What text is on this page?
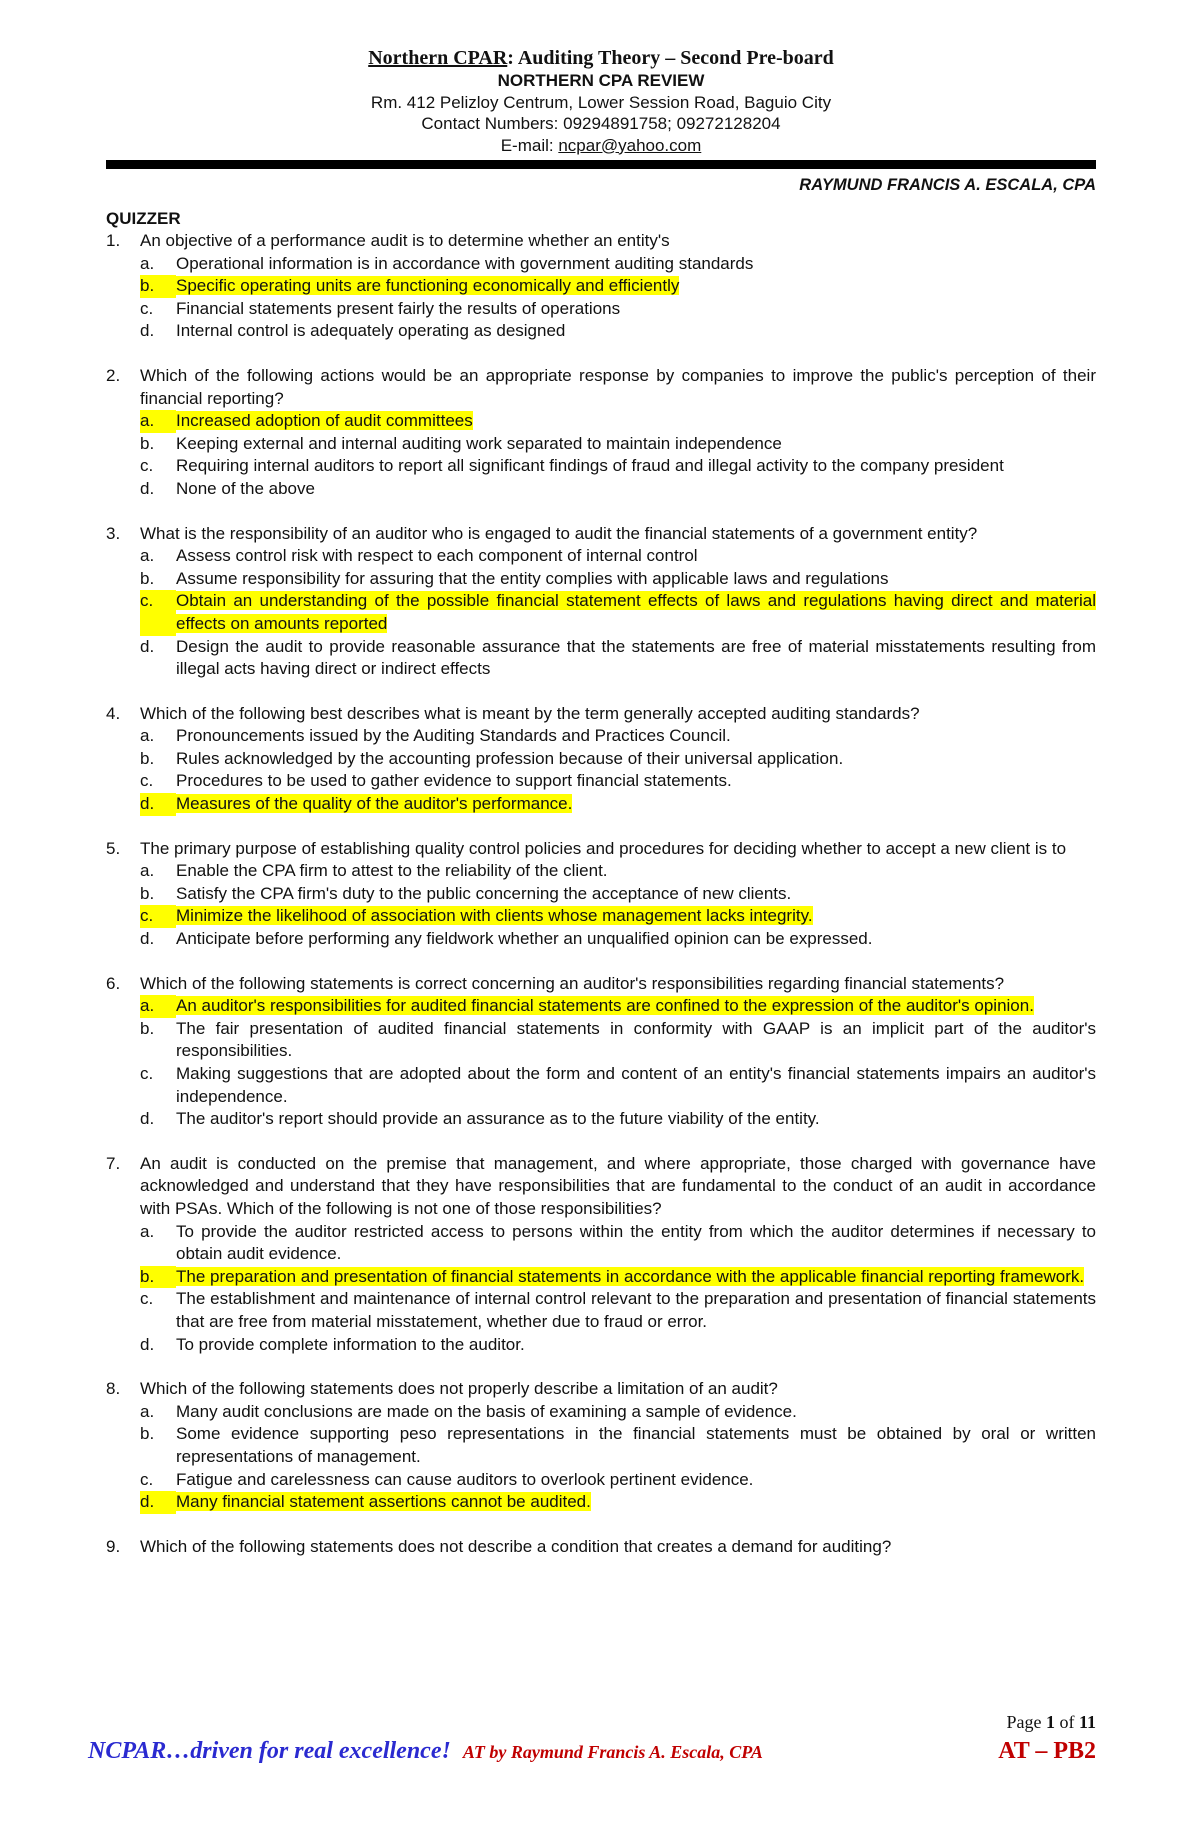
Northern CPAR: Auditing Theory – Second Pre-board
NORTHERN CPA REVIEW
Rm. 412 Pelizloy Centrum, Lower Session Road, Baguio City
Contact Numbers: 09294891758; 09272128204
E-mail: ncpar@yahoo.com
RAYMUND FRANCIS A. ESCALA, CPA
QUIZZER
1.	An objective of a performance audit is to determine whether an entity's
a.	Operational information is in accordance with government auditing standards
b.	Specific operating units are functioning economically and efficiently
c.	Financial statements present fairly the results of operations
d.	Internal control is adequately operating as designed
2.	Which of the following actions would be an appropriate response by companies to improve the public's perception of their financial reporting?
a.	Increased adoption of audit committees
b.	Keeping external and internal auditing work separated to maintain independence
c.	Requiring internal auditors to report all significant findings of fraud and illegal activity to the company president
d.	None of the above
3.	What is the responsibility of an auditor who is engaged to audit the financial statements of a government entity?
a.	Assess control risk with respect to each component of internal control
b.	Assume responsibility for assuring that the entity complies with applicable laws and regulations
c.	Obtain an understanding of the possible financial statement effects of laws and regulations having direct and material effects on amounts reported
d.	Design the audit to provide reasonable assurance that the statements are free of material misstatements resulting from illegal acts having direct or indirect effects
4.	Which of the following best describes what is meant by the term generally accepted auditing standards?
a.	Pronouncements issued by the Auditing Standards and Practices Council.
b.	Rules acknowledged by the accounting profession because of their universal application.
c.	Procedures to be used to gather evidence to support financial statements.
d.	Measures of the quality of the auditor's performance.
5.	The primary purpose of establishing quality control policies and procedures for deciding whether to accept a new client is to
a.	Enable the CPA firm to attest to the reliability of the client.
b.	Satisfy the CPA firm's duty to the public concerning the acceptance of new clients.
c.	Minimize the likelihood of association with clients whose management lacks integrity.
d.	Anticipate before performing any fieldwork whether an unqualified opinion can be expressed.
6.	Which of the following statements is correct concerning an auditor's responsibilities regarding financial statements?
a.	An auditor's responsibilities for audited financial statements are confined to the expression of the auditor's opinion.
b.	The fair presentation of audited financial statements in conformity with GAAP is an implicit part of the auditor's responsibilities.
c.	Making suggestions that are adopted about the form and content of an entity's financial statements impairs an auditor's independence.
d.	The auditor's report should provide an assurance as to the future viability of the entity.
7.	An audit is conducted on the premise that management, and where appropriate, those charged with governance have acknowledged and understand that they have responsibilities that are fundamental to the conduct of an audit in accordance with PSAs. Which of the following is not one of those responsibilities?
a.	To provide the auditor restricted access to persons within the entity from which the auditor determines if necessary to obtain audit evidence.
b.	The preparation and presentation of financial statements in accordance with the applicable financial reporting framework.
c.	The establishment and maintenance of internal control relevant to the preparation and presentation of financial statements that are free from material misstatement, whether due to fraud or error.
d.	To provide complete information to the auditor.
8.	Which of the following statements does not properly describe a limitation of an audit?
a.	Many audit conclusions are made on the basis of examining a sample of evidence.
b.	Some evidence supporting peso representations in the financial statements must be obtained by oral or written representations of management.
c.	Fatigue and carelessness can cause auditors to overlook pertinent evidence.
d.	Many financial statement assertions cannot be audited.
9.	Which of the following statements does not describe a condition that creates a demand for auditing?
Page 1 of 11
NCPAR…driven for real excellence! AT by Raymund Francis A. Escala, CPA	AT – PB2
